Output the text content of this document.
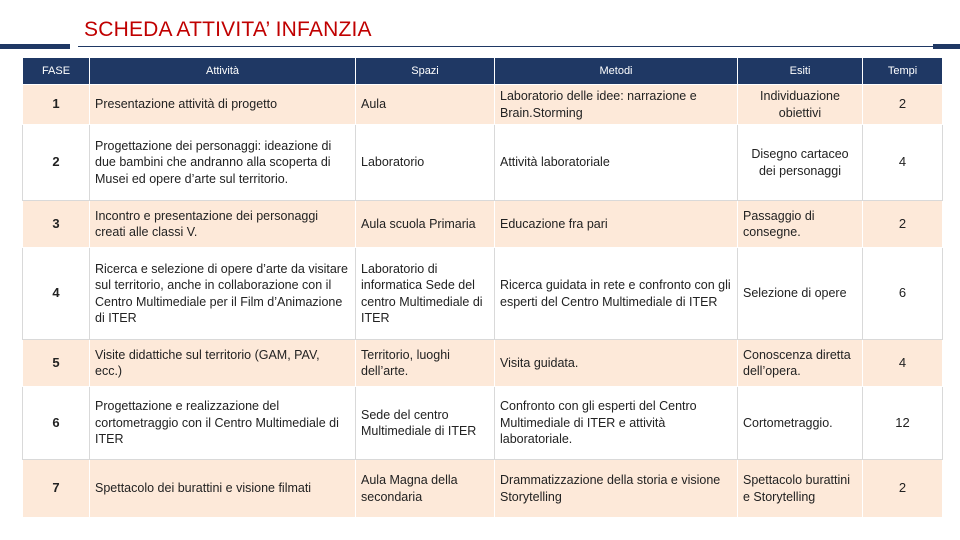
SCHEDA ATTIVITA’ INFANZIA
FASE	Attività	Spazi	Metodi	Esiti	Tempi
1	Presentazione attività di progetto	Aula	Laboratorio delle idee: narrazione e Brain.Storming	Individuazione obiettivi	2
2	Progettazione dei personaggi: ideazione di due bambini che andranno alla scoperta di Musei ed opere d’arte sul territorio.	Laboratorio	Attività laboratoriale	Disegno cartaceo dei personaggi	4
3	Incontro e presentazione dei personaggi creati alle classi V.	Aula scuola Primaria	Educazione fra pari	Passaggio di consegne.	2
4	Ricerca e selezione di opere d’arte da visitare sul territorio, anche in collaborazione con il Centro Multimediale per il Film d’Animazione di ITER	Laboratorio di informatica Sede del centro Multimediale di ITER	Ricerca guidata in rete e confronto con gli esperti del Centro Multimediale di ITER	Selezione di opere	6
5	Visite didattiche sul territorio (GAM, PAV, ecc.)	Territorio, luoghi dell’arte.	Visita guidata.	Conoscenza diretta dell’opera.	4
6	Progettazione e realizzazione del cortometraggio con il Centro Multimediale di ITER	Sede del centro Multimediale di ITER	Confronto con gli esperti del Centro Multimediale di ITER e attività laboratoriale.	Cortometraggio.	12
7	Spettacolo dei burattini e visione filmati	Aula Magna della secondaria	Drammatizzazione della storia e visione Storytelling	Spettacolo burattini e Storytelling	2
